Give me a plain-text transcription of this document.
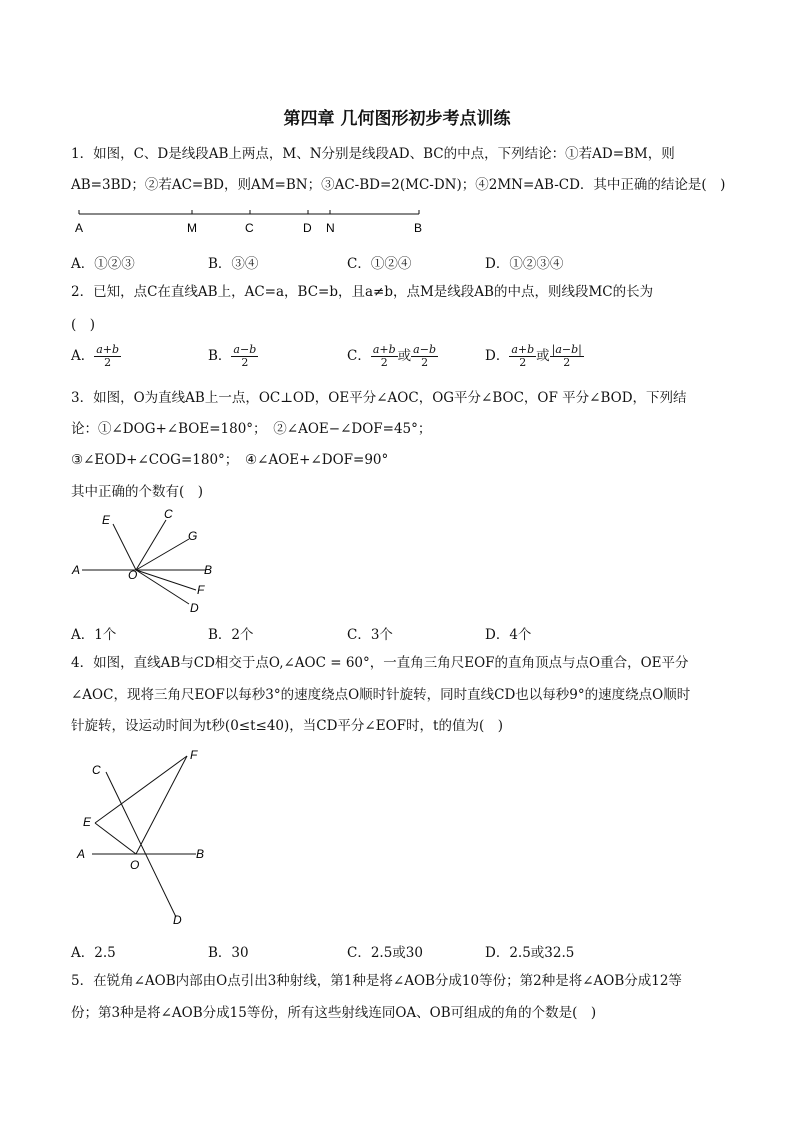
第四章 几何图形初步考点训练
1．如图，C、D是线段AB上两点，M、N分别是线段AD、BC的中点，下列结论：①若AD=BM，则
AB=3BD；②若AC=BD，则AM=BN；③AC-BD=2(MC-DN)；④2MN=AB-CD．其中正确的结论是(　)
A	M	C	D N	B
A．①②③	B．③④	C．①②④	D．①②③④
2．已知，点C在直线AB上，AC=a，BC=b，且a≠b，点M是线段AB的中点，则线段MC的长为
(　)
A． $\frac{a+b}{2}$	B． $\frac{a-b}{2}$	C． $\frac{a+b}{2}$ 或 $\frac{a-b}{2}$	D． $\frac{a+b}{2}$ 或 $\frac{|a-b|}{2}$
3．如图，O为直线AB上一点，OC⊥OD，OE平分∠AOC，OG平分∠BOC，OF 平分∠BOD，下列结
论：①∠DOG+∠BOE=180°；　②∠AOE−∠DOF=45°；
③∠EOD+∠COG=180°；　④∠AOE+∠DOF=90°
其中正确的个数有(　)
E	C
G
A	O	B
F
D
A．1个	B．2个	C．3个	D．4个
4．如图，直线AB与CD相交于点O,∠AOC = 60°，一直角三角尺EOF的直角顶点与点O重合，OE平分
∠AOC，现将三角尺EOF以每秒3°的速度绕点O顺时针旋转，同时直线CD也以每秒9°的速度绕点O顺时
针旋转，设运动时间为t秒(0≤t≤40)，当CD平分∠EOF时，t的值为(　)
F
C
E
A
O
B
D
A．2.5	B．30	C．2.5或30	D．2.5或32.5
5．在锐角∠AOB内部由O点引出3种射线，第1种是将∠AOB分成10等份；第2种是将∠AOB分成12等
份；第3种是将∠AOB分成15等份，所有这些射线连同OA、OB可组成的角的个数是(　)
